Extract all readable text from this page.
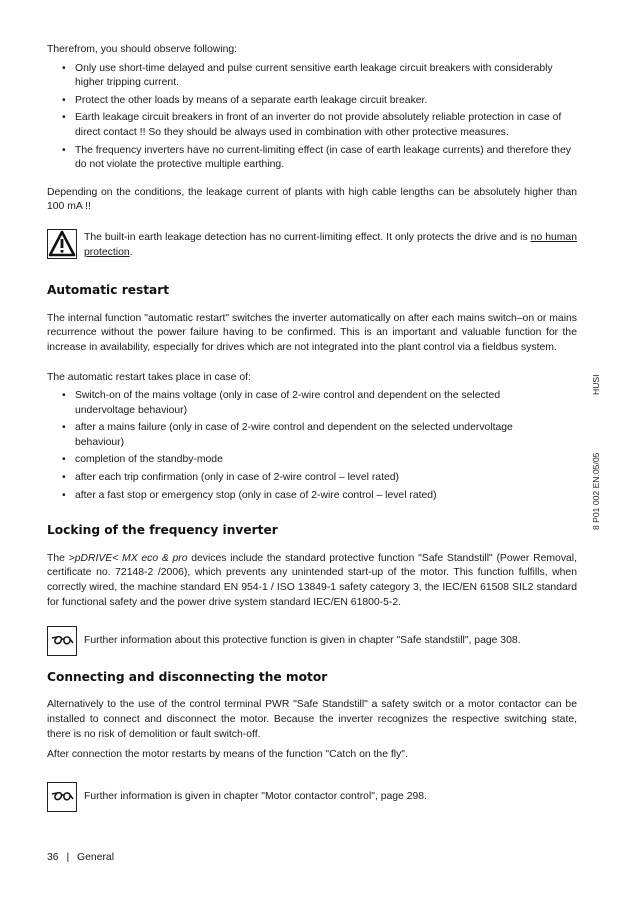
Therefrom, you should observe following:

• Only use short-time delayed and pulse current sensitive earth leakage circuit breakers with considerably higher tripping current.
• Protect the other loads by means of a separate earth leakage circuit breaker.
• Earth leakage circuit breakers in front of an inverter do not provide absolutely reliable protection in case of direct contact !! So they should be always used in combination with other protective measures.
• The frequency inverters have no current-limiting effect (in case of earth leakage currents) and therefore they do not violate the protective multiple earthing.

Depending on the conditions, the leakage current of plants with high cable lengths can be absolutely higher than 100 mA !!

The built-in earth leakage detection has no current-limiting effect. It only protects the drive and is no human protection.

Automatic restart

The internal function "automatic restart" switches the inverter automatically on after each mains switch–on or mains recurrence without the power failure having to be confirmed. This is an important and valuable function for the increase in availability, especially for drives which are not integrated into the plant control via a fieldbus system.

The automatic restart takes place in case of:

• Switch-on of the mains voltage (only in case of 2-wire control and dependent on the selected undervoltage behaviour)
• after a mains failure (only in case of 2-wire control and dependent on the selected undervoltage behaviour)
• completion of the standby-mode
• after each trip confirmation (only in case of 2-wire control – level rated)
• after a fast stop or emergency stop (only in case of 2-wire control – level rated)
Locking of the frequency inverter

The >pDRIVE< MX eco & pro devices include the standard protective function "Safe Standstill" (Power Removal, certificate no. 72148-2 /2006), which prevents any unintended start-up of the motor. This function fulfills, when correctly wired, the machine standard EN 954-1 / ISO 13849-1 safety category 3, the IEC/EN 61508 SIL2 standard for functional safety and the power drive system standard IEC/EN 61800-5-2.

Further information about this protective function is given in chapter "Safe standstill", page 308.

Connecting and disconnecting the motor

Alternatively to the use of the control terminal PWR "Safe Standstill" a safety switch or a motor contactor can be installed to connect and disconnect the motor. Because the inverter recognizes the respective switching state, there is no risk of demolition or fault switch-off.

After connection the motor restarts by means of the function "Catch on the fly".

Further information is given in chapter "Motor contactor control", page 298.

HUSI
8 P01 002 EN.05/05
36 | General
